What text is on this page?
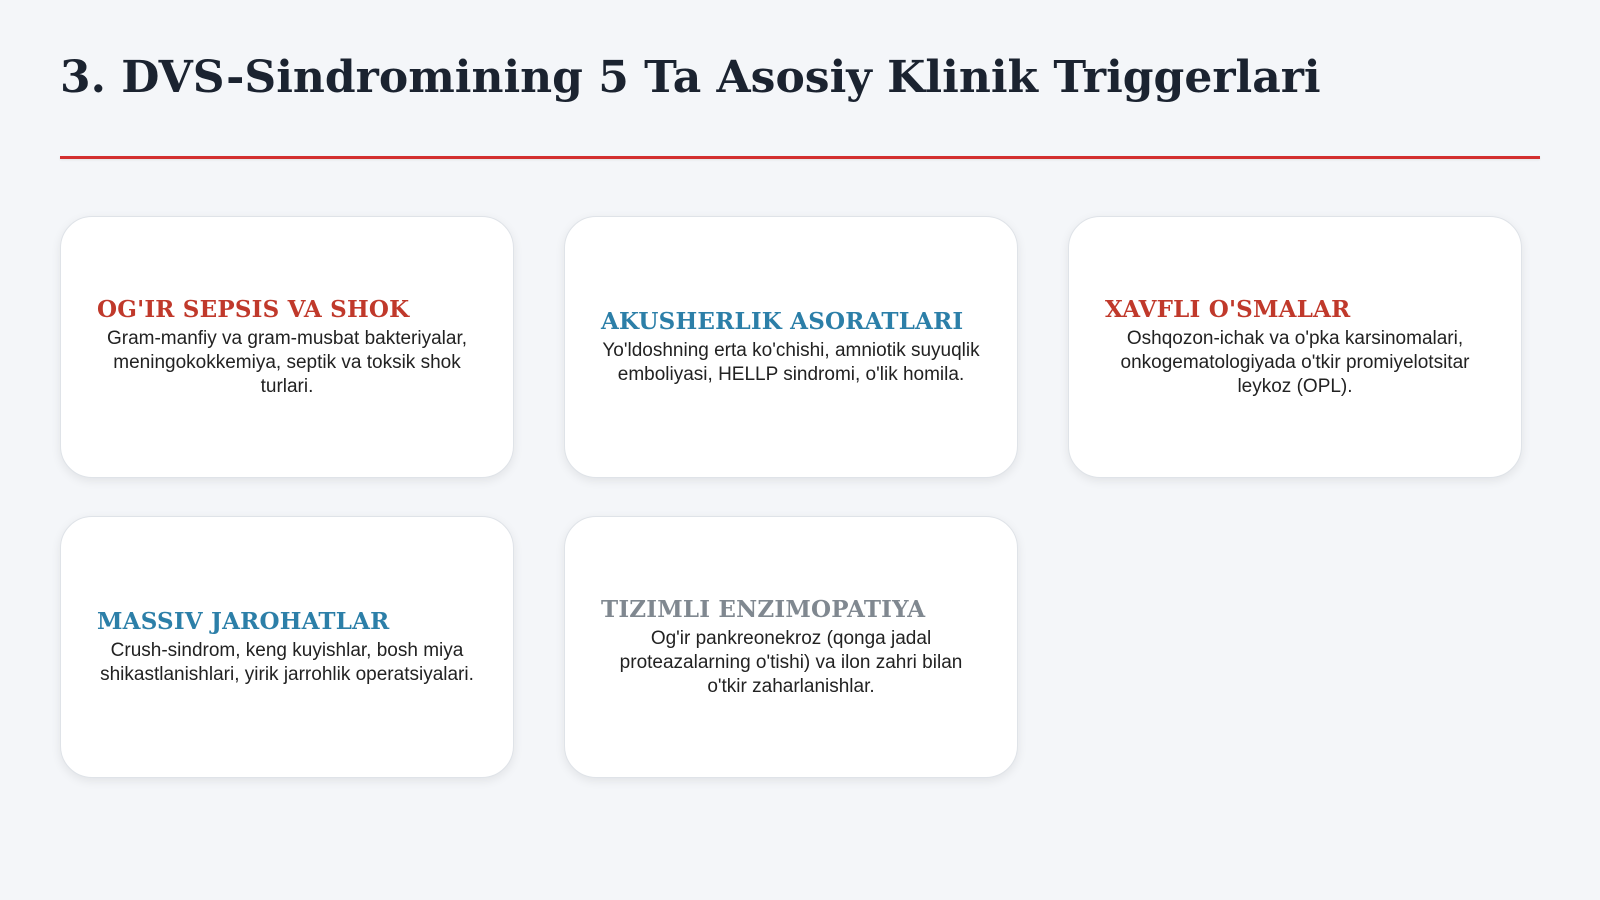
3. DVS-Sindromining 5 Ta Asosiy Klinik Triggerlari
OG'IR SEPSIS VA SHOK

Gram-manfiy va gram-musbat bakteriyalar, meningokokkemiya, septik va toksik shok turlari.

AKUSHERLIK ASORATLARI

Yo'ldoshning erta ko'chishi, amniotik suyuqlik emboliyasi, HELLP sindromi, o'lik homila.

XAVFLI O'SMALAR

Oshqozon-ichak va o'pka karsinomalari, onkogematologiyada o'tkir promiyelotsitar leykoz (OPL).

MASSIV JAROHATLAR

Crush-sindrom, keng kuyishlar, bosh miya shikastlanishlari, yirik jarrohlik operatsiyalari.

TIZIMLI ENZIMOPATIYA

Og'ir pankreonekroz (qonga jadal proteazalarning o'tishi) va ilon zahri bilan o'tkir zaharlanishlar.
